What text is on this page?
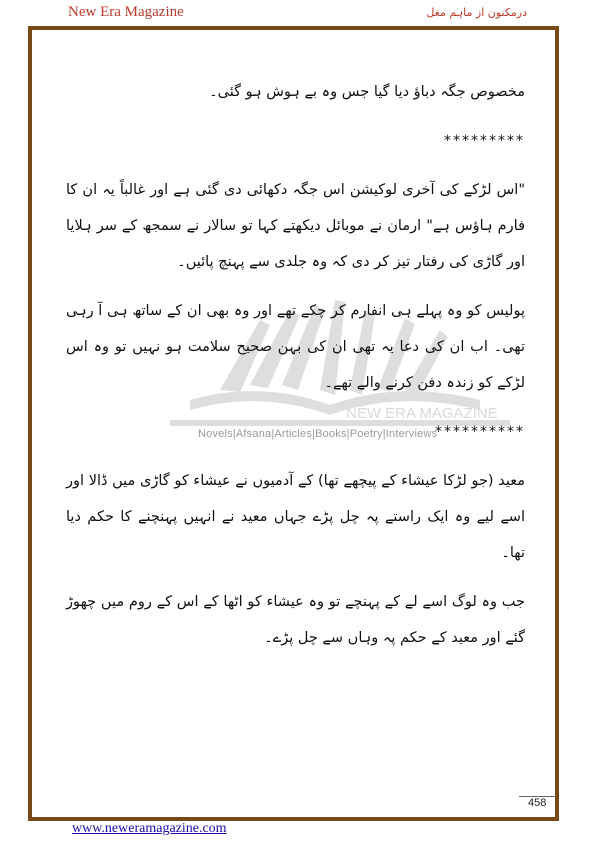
New Era Magazine	درمکنون از ماہم مغل
NEW ERA MAGAZINE
Novels|Afsana|Articles|Books|Poetry|Interviews

مخصوص جگہ دباؤ دیا گیا جس وہ بے ہوش ہو گئی۔

*********

"اس لڑکے کی آخری لوکیشن اس جگہ دکھائی دی گئی ہے اور غالباً یہ ان کا فارم ہاؤس ہے" ارمان نے موبائل دیکھتے کہا تو سالار نے سمجھ کے سر ہلایا اور گاڑی کی رفتار تیز کر دی کہ وہ جلدی سے پہنچ پائیں۔

پولیس کو وہ پہلے ہی انفارم کر چکے تھے اور وہ بھی ان کے ساتھ ہی آ رہی تھی۔ اب ان کی دعا یہ تھی ان کی بہن صحیح سلامت ہو نہیں تو وہ اس لڑکے کو زندہ دفن کرنے والے تھے۔

**********

معید (جو لڑکا عیشاء کے پیچھے تھا) کے آدمیوں نے عیشاء کو گاڑی میں ڈالا اور اسے لیے وہ ایک راستے پہ چل پڑے جہاں معید نے انہیں پہنچنے کا حکم دیا تھا۔

جب وہ لوگ اسے لے کے پہنچے تو وہ عیشاء کو اٹھا کے اس کے روم میں چھوڑ گئے اور معید کے حکم پہ وہاں سے چل پڑے۔

458
www.neweramagazine.com
